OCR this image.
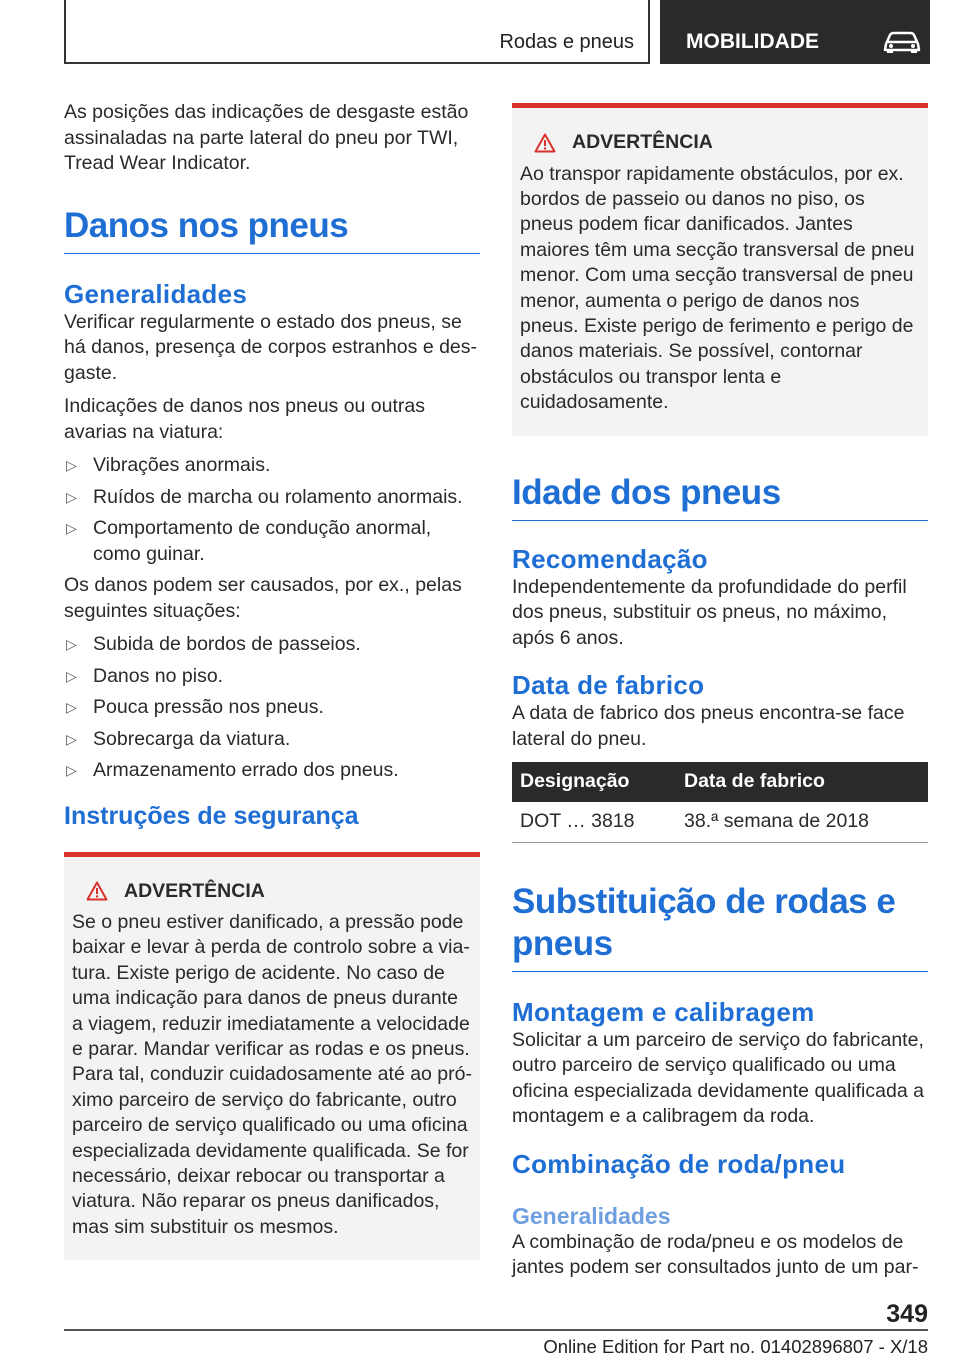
Rodas e pneus	MOBILIDADE

As posições das indicações de desgaste estão assinaladas na parte lateral do pneu por TWI, Tread Wear Indicator.

Danos nos pneus
Generalidades

Verificar regularmente o estado dos pneus, se há danos, presença de corpos estranhos e desgaste.

Indicações de danos nos pneus ou outras avarias na viatura:

▷ Vibrações anormais.
▷ Ruídos de marcha ou rolamento anormais.
▷ Comportamento de condução anormal, como guinar.

Os danos podem ser causados, por ex., pelas seguintes situações:

▷ Subida de bordos de passeios.
▷ Danos no piso.
▷ Pouca pressão nos pneus.
▷ Sobrecarga da viatura.
▷ Armazenamento errado dos pneus.
Instruções de segurança
ADVERTÊNCIA
Se o pneu estiver danificado, a pressão pode baixar e levar à perda de controlo sobre a viatura. Existe perigo de acidente. No caso de uma indicação para danos de pneus durante a viagem, reduzir imediatamente a velocidade e parar. Mandar verificar as rodas e os pneus. Para tal, conduzir cuidadosamente até ao próximo parceiro de serviço do fabricante, outro parceiro de serviço qualificado ou uma oficina especializada devidamente qualificada. Se for necessário, deixar rebocar ou transportar a viatura. Não reparar os pneus danificados, mas sim substituir os mesmos.
ADVERTÊNCIA
Ao transpor rapidamente obstáculos, por ex. bordos de passeio ou danos no piso, os pneus podem ficar danificados. Jantes maiores têm uma secção transversal de pneu menor. Com uma secção transversal de pneu menor, aumenta o perigo de danos nos pneus. Existe perigo de ferimento e perigo de danos materiais. Se possível, contornar obstáculos ou transpor lenta e cuidadosamente.
Idade dos pneus
Recomendação

Independentemente da profundidade do perfil dos pneus, substituir os pneus, no máximo, após 6 anos.

Data de fabrico

A data de fabrico dos pneus encontra-se face lateral do pneu.

Designação	Data de fabrico
DOT … 3818	38.ª semana de 2018
Substituição de rodas e pneus
Montagem e calibragem

Solicitar a um parceiro de serviço do fabricante, outro parceiro de serviço qualificado ou uma oficina especializada devidamente qualificada a montagem e a calibragem da roda.

Combinação de roda/pneu
Generalidades

A combinação de roda/pneu e os modelos de jantes podem ser consultados junto de um par-

349
Online Edition for Part no. 01402896807 - X/18
